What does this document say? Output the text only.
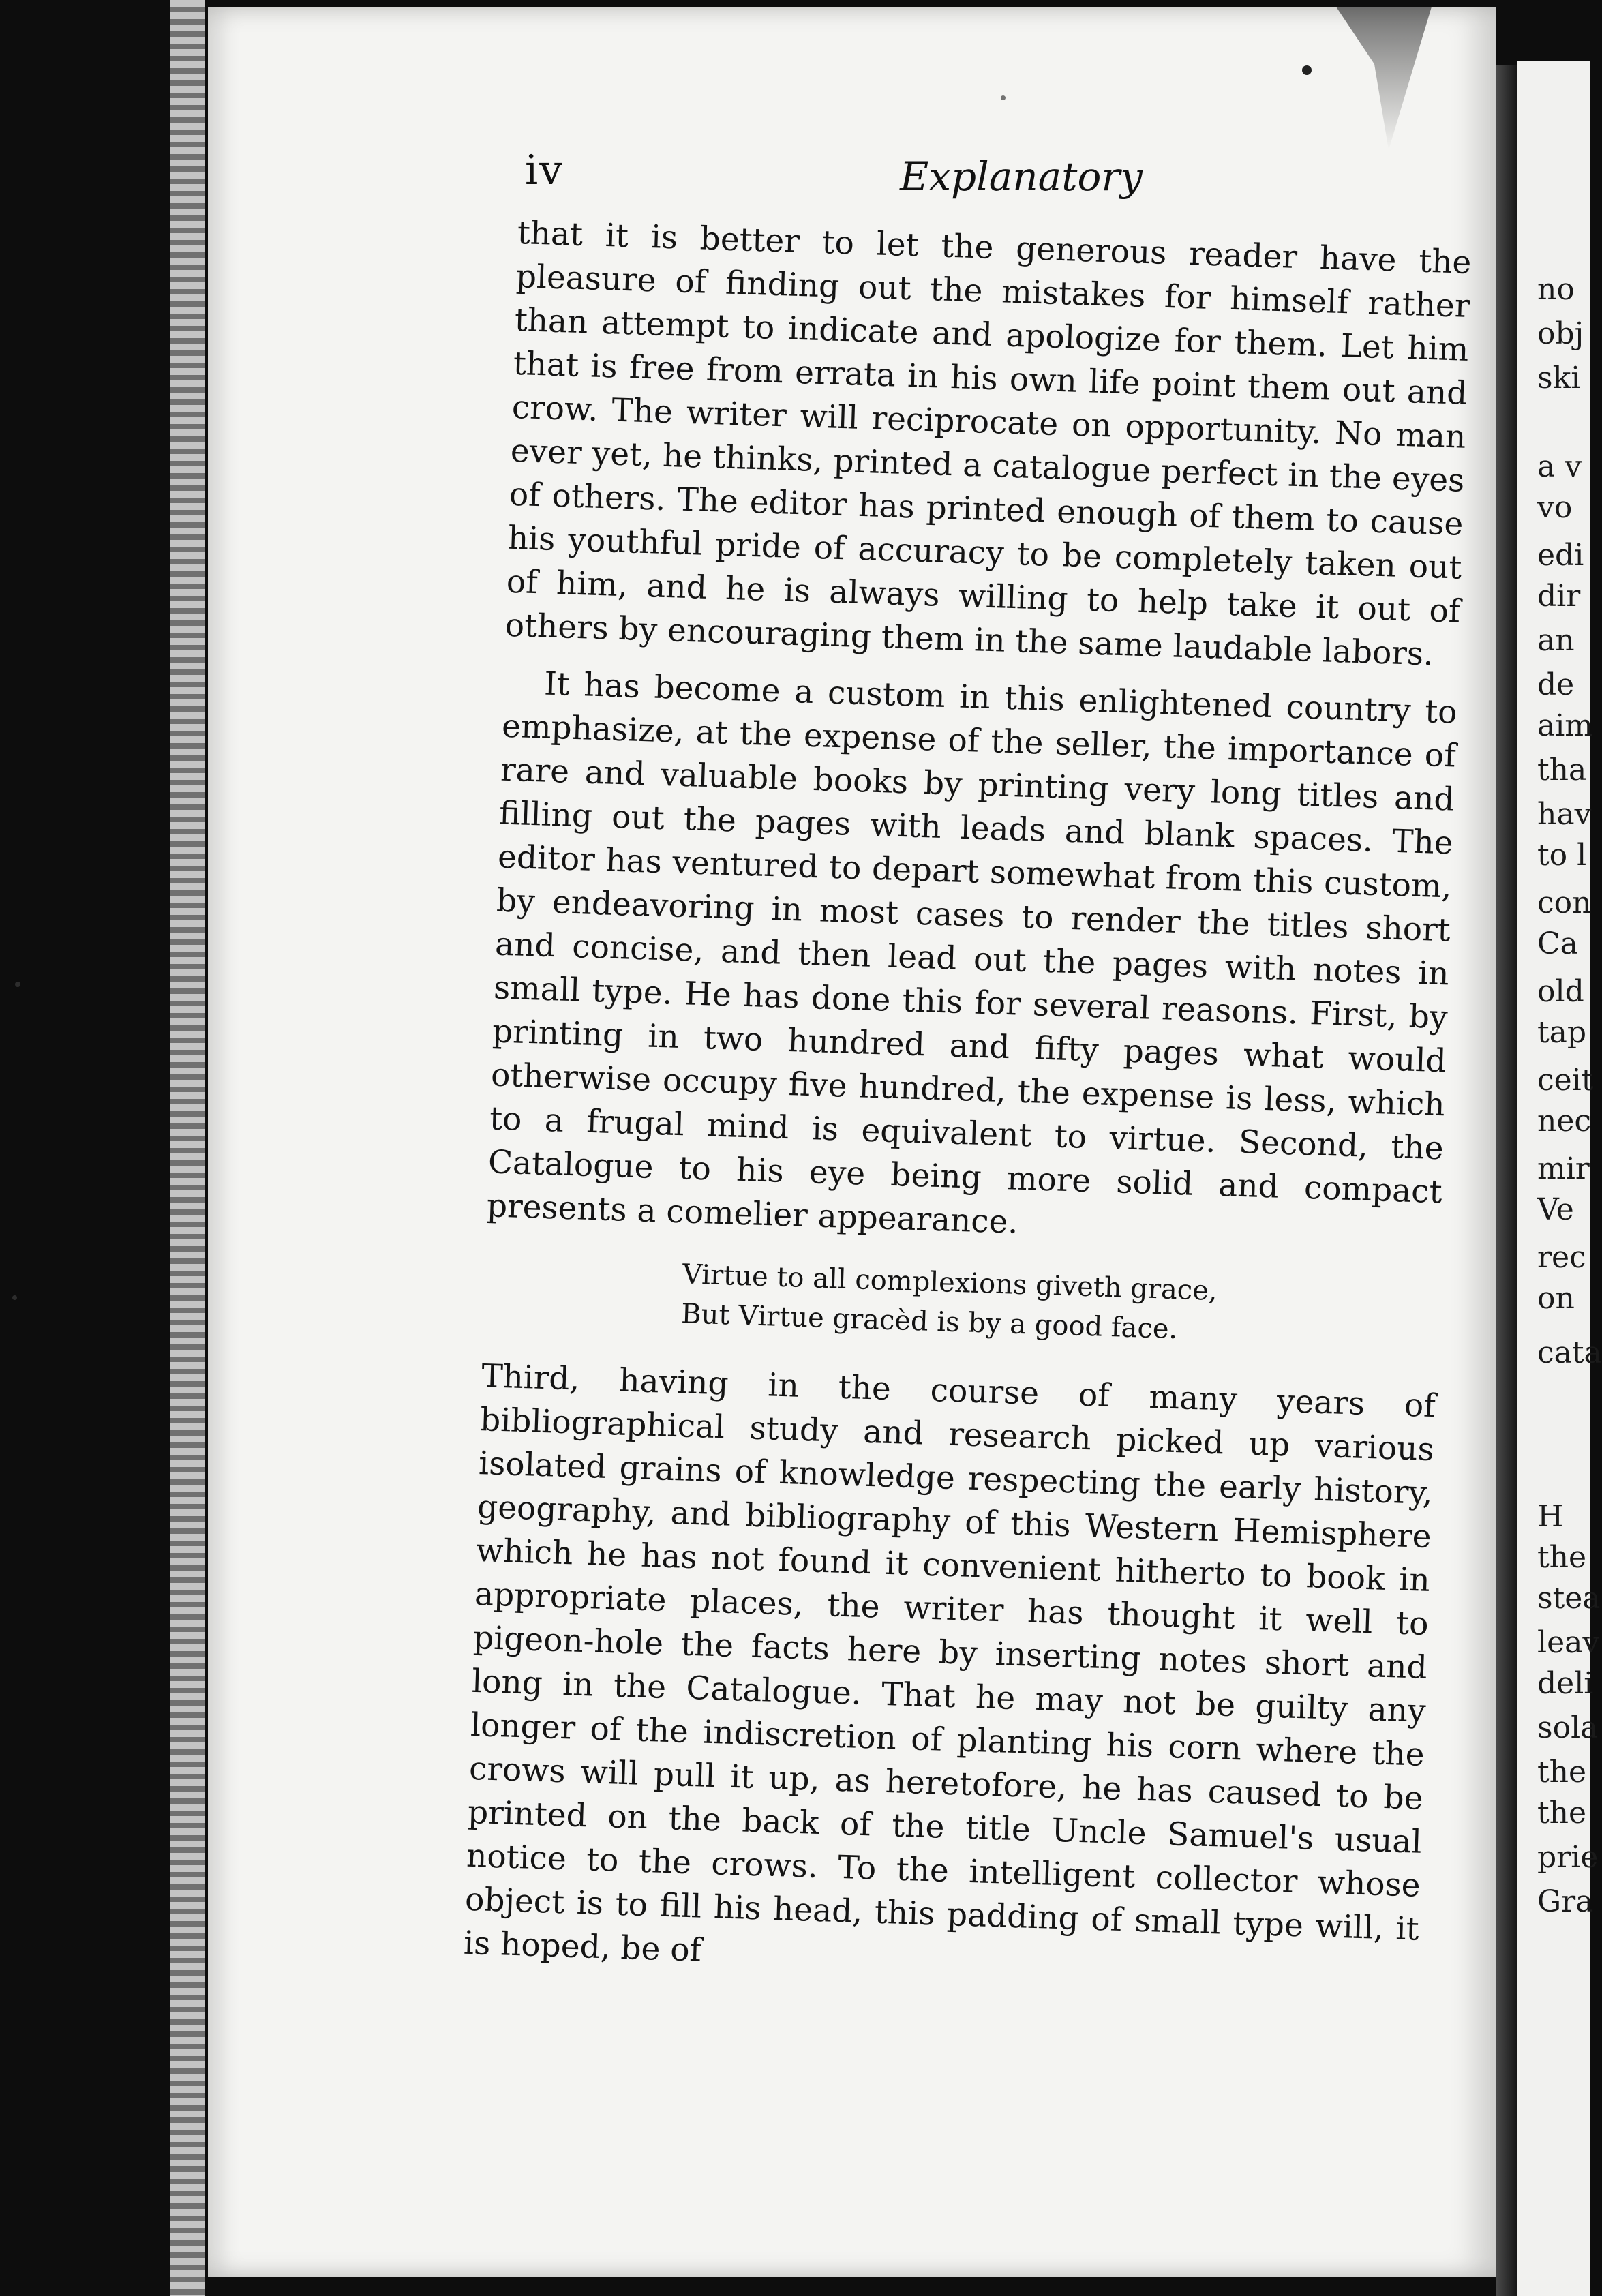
iv	Explanatory

that it is better to let the generous reader have the pleasure of finding out the mistakes for himself rather than attempt to indicate and apologize for them. Let him that is free from errata in his own life point them out and crow. The writer will reciprocate on opportunity. No man ever yet, he thinks, printed a catalogue perfect in the eyes of others. The editor has printed enough of them to cause his youthful pride of accuracy to be completely taken out of him, and he is always willing to help take it out of others by encouraging them in the same laudable labors.

It has become a custom in this enlightened country to emphasize, at the expense of the seller, the importance of rare and valuable books by printing very long titles and filling out the pages with leads and blank spaces. The editor has ventured to depart somewhat from this custom, by endeavoring in most cases to render the titles short and concise, and then lead out the pages with notes in small type. He has done this for several reasons. First, by printing in two hundred and fifty pages what would otherwise occupy five hundred, the expense is less, which to a frugal mind is equivalent to virtue. Second, the Catalogue to his eye being more solid and compact presents a comelier appearance.

Virtue to all complexions giveth grace,
But Virtue gracèd is by a good face.

Third, having in the course of many years of bibliographical study and research picked up various isolated grains of knowledge respecting the early history, geography, and bibliography of this Western Hemisphere which he has not found it convenient hitherto to book in appropriate places, the writer has thought it well to pigeon-hole the facts here by inserting notes short and long in the Catalogue. That he may not be guilty any longer of the indiscretion of planting his corn where the crows will pull it up, as heretofore, he has caused to be printed on the back of the title Uncle Samuel's usual notice to the crows. To the intelligent collector whose object is to fill his head, this padding of small type will, it is hoped, be of

no
obj
ski
a v
vo
edi
dir
an
de
aim
tha
hav
to l
con
Ca
old
tap
ceit
nec
mir
Ve
rec
on
cata
H
the
stea
leav
deli
sola
the
the
prie
Gra
